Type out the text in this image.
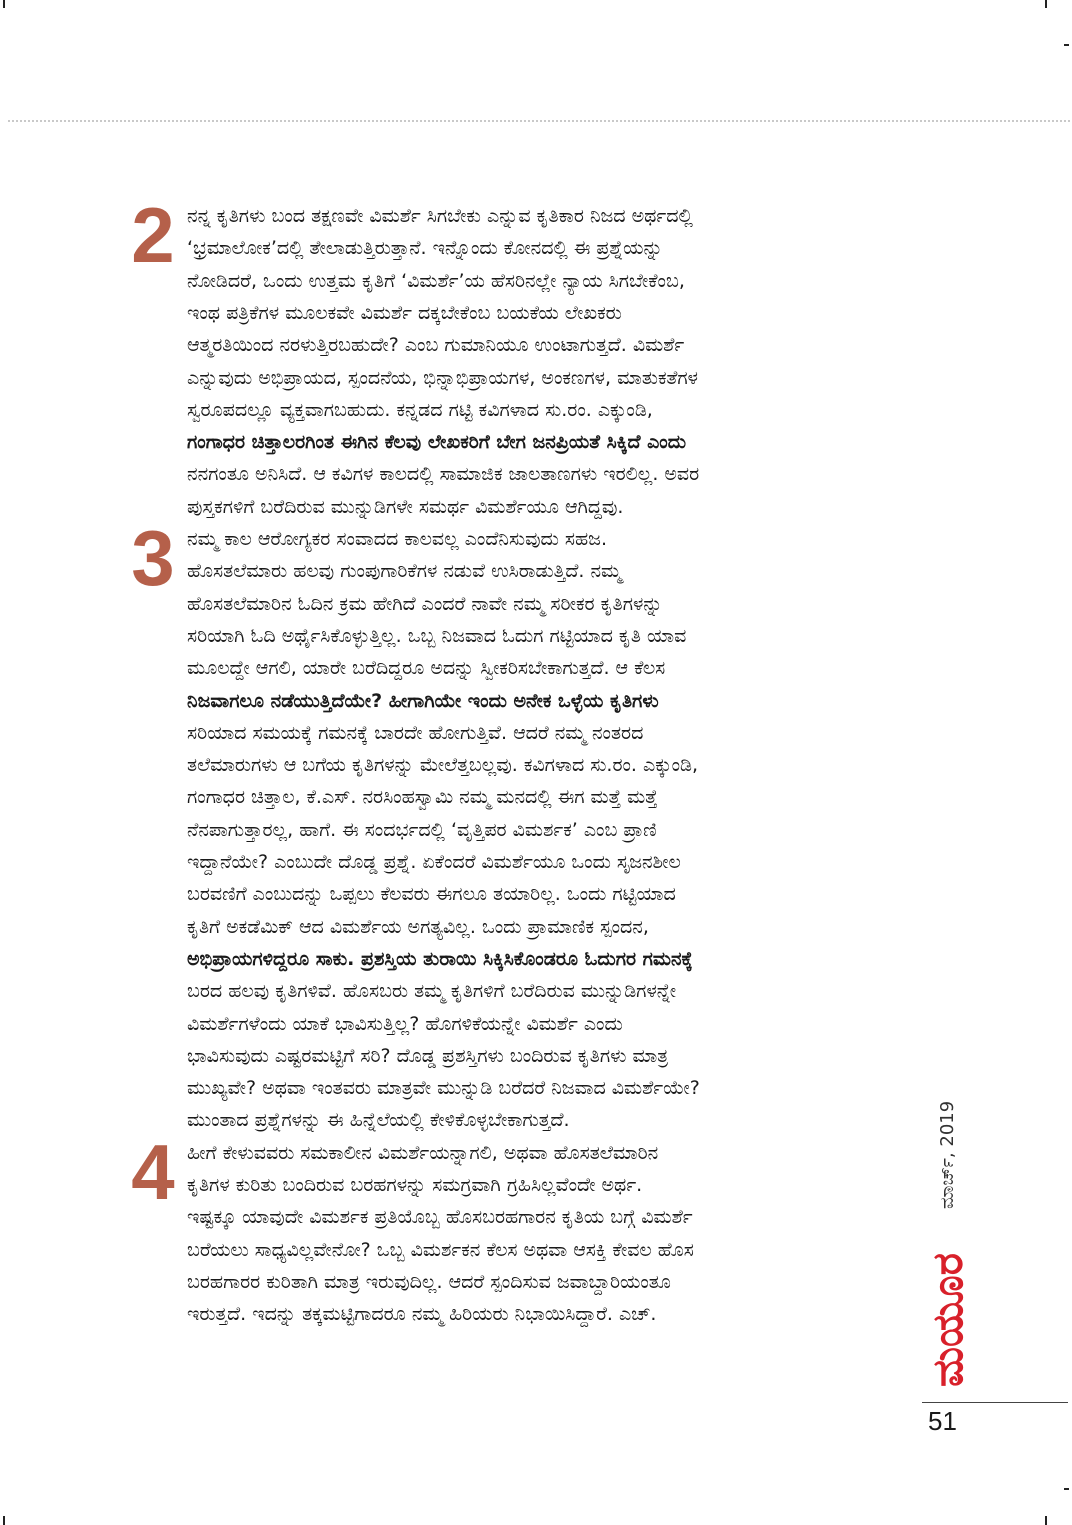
2 ನನ್ನ ಕೃತಿಗಳು ಬಂದ ತಕ್ಷಣವೇ ವಿಮರ್ಶೆ ಸಿಗಬೇಕು ಎನ್ನುವ ಕೃತಿಕಾರ ನಿಜದ ಅರ್ಥದಲ್ಲಿ
‘ಭ್ರಮಾಲೋಕ’ದಲ್ಲಿ ತೇಲಾಡುತ್ತಿರುತ್ತಾನೆ. ಇನ್ನೊಂದು ಕೋನದಲ್ಲಿ ಈ ಪ್ರಶ್ನೆಯನ್ನು
ನೋಡಿದರೆ, ಒಂದು ಉತ್ತಮ ಕೃತಿಗೆ ‘ವಿಮರ್ಶೆ’ಯ ಹೆಸರಿನಲ್ಲೇ ನ್ಯಾಯ ಸಿಗಬೇಕೆಂಬ,
ಇಂಥ ಪತ್ರಿಕೆಗಳ ಮೂಲಕವೇ ವಿಮರ್ಶೆ ದಕ್ಕಬೇಕೆಂಬ ಬಯಕೆಯ ಲೇಖಕರು
ಆತ್ಮರತಿಯಿಂದ ನರಳುತ್ತಿರಬಹುದೇ? ಎಂಬ ಗುಮಾನಿಯೂ ಉಂಟಾಗುತ್ತದೆ. ವಿಮರ್ಶೆ
ಎನ್ನುವುದು ಅಭಿಪ್ರಾಯದ, ಸ್ಪಂದನೆಯ, ಭಿನ್ನಾಭಿಪ್ರಾಯಗಳ, ಅಂಕಣಗಳ, ಮಾತುಕತೆಗಳ
ಸ್ವರೂಪದಲ್ಲೂ ವ್ಯಕ್ತವಾಗಬಹುದು. ಕನ್ನಡದ ಗಟ್ಟಿ ಕವಿಗಳಾದ ಸು.ರಂ. ಎಕ್ಕುಂಡಿ,
ಗಂಗಾಧರ ಚಿತ್ತಾಲರಗಿಂತ ಈಗಿನ ಕೆಲವು ಲೇಖಕರಿಗೆ ಬೇಗ ಜನಪ್ರಿಯತೆ ಸಿಕ್ಕಿದೆ ಎಂದು
ನನಗಂತೂ ಅನಿಸಿದೆ. ಆ ಕವಿಗಳ ಕಾಲದಲ್ಲಿ ಸಾಮಾಜಿಕ ಜಾಲತಾಣಗಳು ಇರಲಿಲ್ಲ. ಅವರ
ಪುಸ್ತಕಗಳಿಗೆ ಬರೆದಿರುವ ಮುನ್ನುಡಿಗಳೇ ಸಮರ್ಥ ವಿಮರ್ಶೆಯೂ ಆಗಿದ್ದವು.
3 ನಮ್ಮ ಕಾಲ ಆರೋಗ್ಯಕರ ಸಂವಾದದ ಕಾಲವಲ್ಲ ಎಂದೆನಿಸುವುದು ಸಹಜ.
ಹೊಸತಲೆಮಾರು ಹಲವು ಗುಂಪುಗಾರಿಕೆಗಳ ನಡುವೆ ಉಸಿರಾಡುತ್ತಿದೆ. ನಮ್ಮ
ಹೊಸತಲೆಮಾರಿನ ಓದಿನ ಕ್ರಮ ಹೇಗಿದೆ ಎಂದರೆ ನಾವೇ ನಮ್ಮ ಸರೀಕರ ಕೃತಿಗಳನ್ನು
ಸರಿಯಾಗಿ ಓದಿ ಅರ್ಥೈಸಿಕೊಳ್ಳುತ್ತಿಲ್ಲ. ಒಬ್ಬ ನಿಜವಾದ ಓದುಗ ಗಟ್ಟಿಯಾದ ಕೃತಿ ಯಾವ
ಮೂಲದ್ದೇ ಆಗಲಿ, ಯಾರೇ ಬರೆದಿದ್ದರೂ ಅದನ್ನು ಸ್ವೀಕರಿಸಬೇಕಾಗುತ್ತದೆ. ಆ ಕೆಲಸ
ನಿಜವಾಗಲೂ ನಡೆಯುತ್ತಿದೆಯೇ? ಹೀಗಾಗಿಯೇ ಇಂದು ಅನೇಕ ಒಳ್ಳೆಯ ಕೃತಿಗಳು
ಸರಿಯಾದ ಸಮಯಕ್ಕೆ ಗಮನಕ್ಕೆ ಬಾರದೇ ಹೋಗುತ್ತಿವೆ. ಆದರೆ ನಮ್ಮ ನಂತರದ
ತಲೆಮಾರುಗಳು ಆ ಬಗೆಯ ಕೃತಿಗಳನ್ನು ಮೇಲೆತ್ತಬಲ್ಲವು. ಕವಿಗಳಾದ ಸು.ರಂ. ಎಕ್ಕುಂಡಿ,
ಗಂಗಾಧರ ಚಿತ್ತಾಲ, ಕೆ.ಎಸ್. ನರಸಿಂಹಸ್ವಾಮಿ ನಮ್ಮ ಮನದಲ್ಲಿ ಈಗ ಮತ್ತೆ ಮತ್ತೆ
ನೆನಪಾಗುತ್ತಾರಲ್ಲ, ಹಾಗೆ. ಈ ಸಂದರ್ಭದಲ್ಲಿ ‘ವೃತ್ತಿಪರ ವಿಮರ್ಶಕ’ ಎಂಬ ಪ್ರಾಣಿ
ಇದ್ದಾನೆಯೇ? ಎಂಬುದೇ ದೊಡ್ಡ ಪ್ರಶ್ನೆ. ಏಕೆಂದರೆ ವಿಮರ್ಶೆಯೂ ಒಂದು ಸೃಜನಶೀಲ
ಬರವಣಿಗೆ ಎಂಬುದನ್ನು ಒಪ್ಪಲು ಕೆಲವರು ಈಗಲೂ ತಯಾರಿಲ್ಲ. ಒಂದು ಗಟ್ಟಿಯಾದ
ಕೃತಿಗೆ ಅಕಡೆಮಿಕ್ ಆದ ವಿಮರ್ಶೆಯ ಅಗತ್ಯವಿಲ್ಲ. ಒಂದು ಪ್ರಾಮಾಣಿಕ ಸ್ಪಂದನ,
ಅಭಿಪ್ರಾಯಗಳಿದ್ದರೂ ಸಾಕು. ಪ್ರಶಸ್ತಿಯ ತುರಾಯಿ ಸಿಕ್ಕಿಸಿಕೊಂಡರೂ ಓದುಗರ ಗಮನಕ್ಕೆ
ಬರದ ಹಲವು ಕೃತಿಗಳಿವೆ. ಹೊಸಬರು ತಮ್ಮ ಕೃತಿಗಳಿಗೆ ಬರೆದಿರುವ ಮುನ್ನುಡಿಗಳನ್ನೇ
ವಿಮರ್ಶೆಗಳೆಂದು ಯಾಕೆ ಭಾವಿಸುತ್ತಿಲ್ಲ? ಹೊಗಳಿಕೆಯನ್ನೇ ವಿಮರ್ಶೆ ಎಂದು
ಭಾವಿಸುವುದು ಎಷ್ಟರಮಟ್ಟಿಗೆ ಸರಿ? ದೊಡ್ಡ ಪ್ರಶಸ್ತಿಗಳು ಬಂದಿರುವ ಕೃತಿಗಳು ಮಾತ್ರ
ಮುಖ್ಯವೇ? ಅಥವಾ ಇಂತವರು ಮಾತ್ರವೇ ಮುನ್ನುಡಿ ಬರೆದರೆ ನಿಜವಾದ ವಿಮರ್ಶೆಯೇ?
ಮುಂತಾದ ಪ್ರಶ್ನೆಗಳನ್ನು ಈ ಹಿನ್ನೆಲೆಯಲ್ಲಿ ಕೇಳಿಕೊಳ್ಳಬೇಕಾಗುತ್ತದೆ.
4 ಹೀಗೆ ಕೇಳುವವರು ಸಮಕಾಲೀನ ವಿಮರ್ಶೆಯನ್ನಾಗಲಿ, ಅಥವಾ ಹೊಸತಲೆಮಾರಿನ
ಕೃತಿಗಳ ಕುರಿತು ಬಂದಿರುವ ಬರಹಗಳನ್ನು ಸಮಗ್ರವಾಗಿ ಗ್ರಹಿಸಿಲ್ಲವೆಂದೇ ಅರ್ಥ.
ಇಷ್ಟಕ್ಕೂ ಯಾವುದೇ ವಿಮರ್ಶಕ ಪ್ರತಿಯೊಬ್ಬ ಹೊಸಬರಹಗಾರನ ಕೃತಿಯ ಬಗ್ಗೆ ವಿಮರ್ಶೆ
ಬರೆಯಲು ಸಾಧ್ಯವಿಲ್ಲವೇನೋ? ಒಬ್ಬ ವಿಮರ್ಶಕನ ಕೆಲಸ ಅಥವಾ ಆಸಕ್ತಿ ಕೇವಲ ಹೊಸ
ಬರಹಗಾರರ ಕುರಿತಾಗಿ ಮಾತ್ರ ಇರುವುದಿಲ್ಲ. ಆದರೆ ಸ್ಪಂದಿಸುವ ಜವಾಬ್ದಾರಿಯಂತೂ
ಇರುತ್ತದೆ. ಇದನ್ನು ತಕ್ಕಮಟ್ಟಿಗಾದರೂ ನಮ್ಮ ಹಿರಿಯರು ನಿಭಾಯಿಸಿದ್ದಾರೆ. ಎಚ್.
ಮಾರ್ಚ್, 2019
ಮಯೂರ
51
